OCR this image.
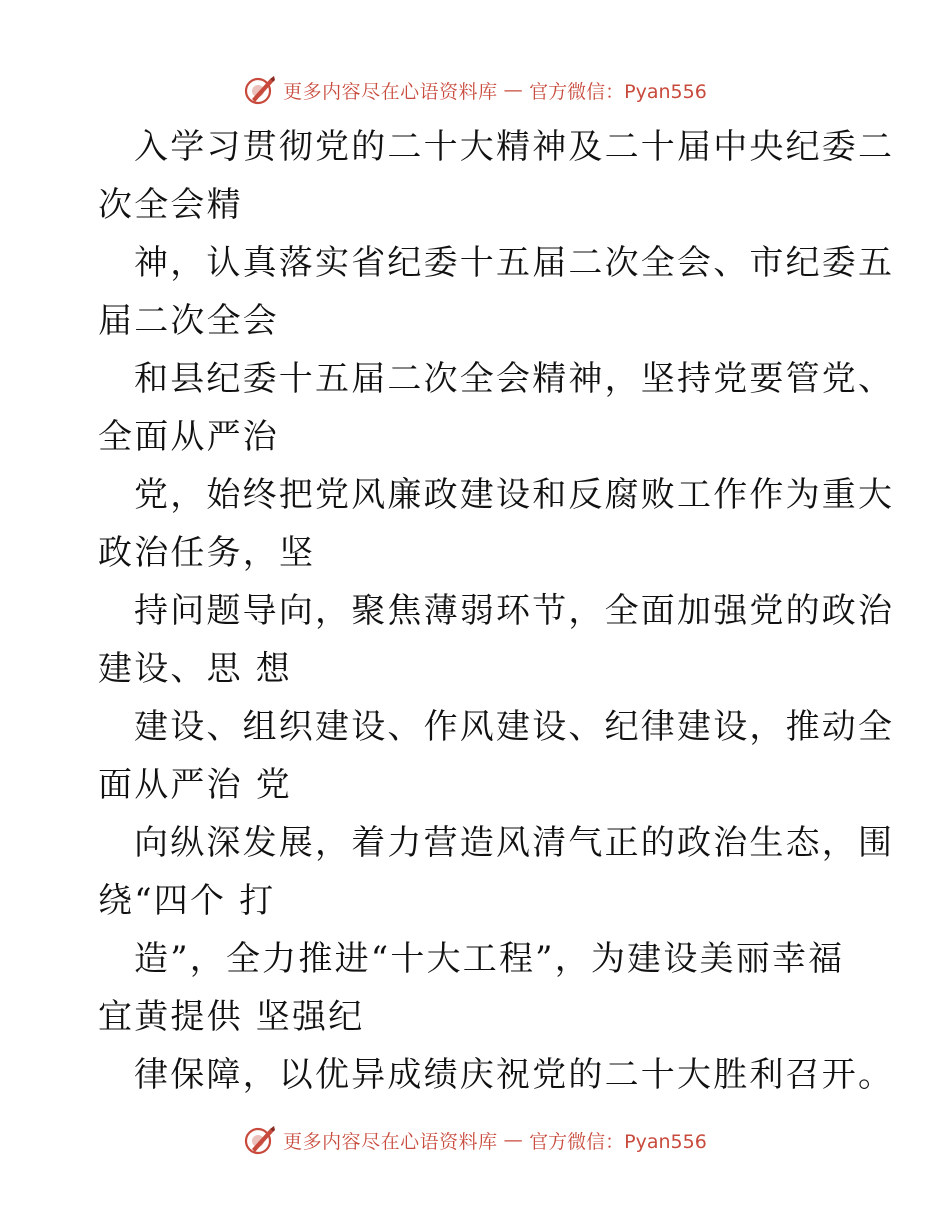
更多内容尽在心语资料库 — 官方微信：Pyan556
入学习贯彻党的二十大精神及二十届中央纪委二
次全会精
神，认真落实省纪委十五届二次全会、市纪委五
届二次全会
和县纪委十五届二次全会精神，坚持党要管党、
全面从严治
党，始终把党风廉政建设和反腐败工作作为重大
政治任务，坚
持问题导向，聚焦薄弱环节，全面加强党的政治
建设、思 想
建设、组织建设、作风建设、纪律建设，推动全
面从严治 党
向纵深发展，着力营造风清气正的政治生态，围
绕“四个 打
造”，全力推进“十大工程”，为建设美丽幸福
宜黄提供 坚强纪
律保障，以优异成绩庆祝党的二十大胜利召开。
更多内容尽在心语资料库 — 官方微信：Pyan556
